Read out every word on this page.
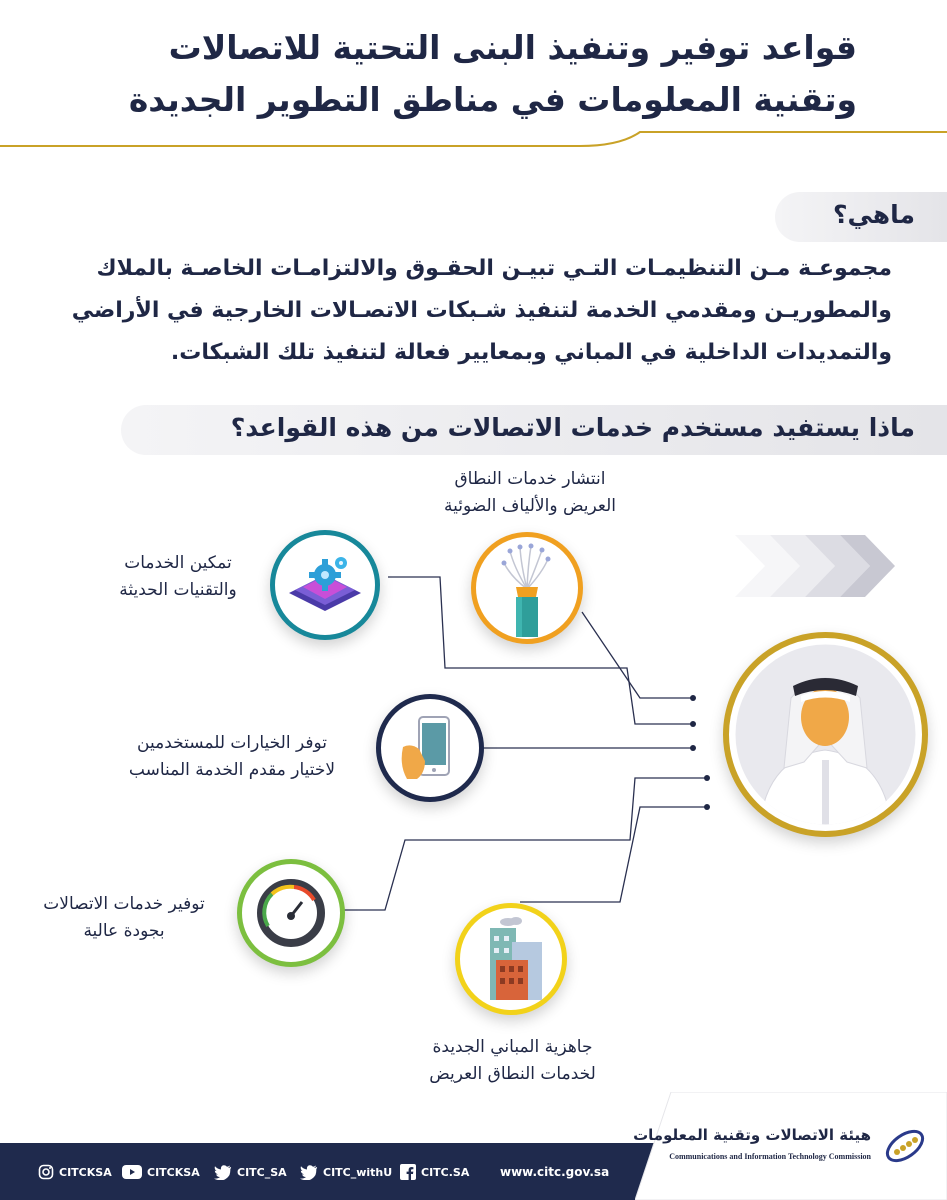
قواعد توفير وتنفيذ البنى التحتية للاتصالات
وتقنية المعلومات في مناطق التطوير الجديدة
ماهي؟
مجموعـة مـن التنظيمـات التـي تبيـن الحقـوق والالتزامـات الخاصـة بالملاك
والمطوريـن ومقدمي الخدمة لتنفيذ شـبكات الاتصـالات الخارجية في الأراضي
والتمديدات الداخلية في المباني وبمعايير فعالة لتنفيذ تلك الشبكات.
ماذا يستفيد مستخدم خدمات الاتصالات من هذه القواعد؟
انتشار خدمات النطاق
العريض والألياف الضوئية
تمكين الخدمات
والتقنيات الحديثة
توفر الخيارات للمستخدمين
لاختيار مقدم الخدمة المناسب
توفير خدمات الاتصالات
بجودة عالية
جاهزية المباني الجديدة
لخدمات النطاق العريض
CITCKSA	CITCKSA	CITC_SA	CITC_withU	CITC.SA	www.citc.gov.sa
هيئة الاتصالات وتقنية المعلومات
Communications and Information Technology Commission
